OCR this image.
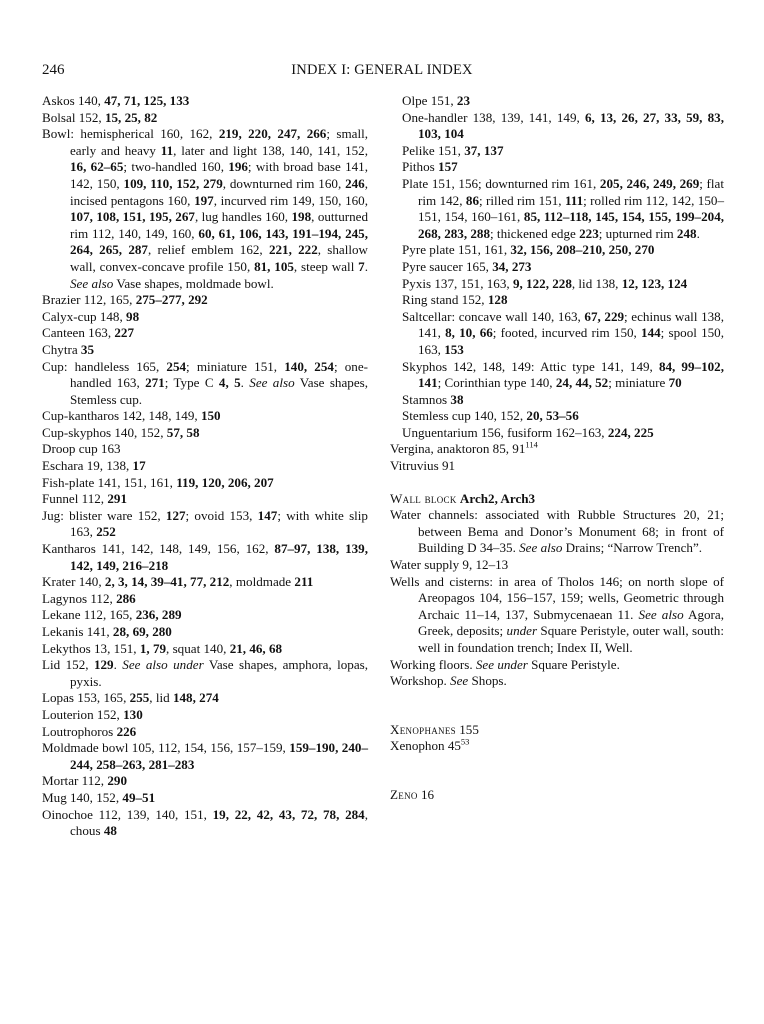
246	INDEX I: GENERAL INDEX

Askos 140, 47, 71, 125, 133

Bolsal 152, 15, 25, 82

Bowl: hemispherical 160, 162, 219, 220, 247, 266; small, early and heavy 11, later and light 138, 140, 141, 152, 16, 62–65; two-handled 160, 196; with broad base 141, 142, 150, 109, 110, 152, 279, downturned rim 160, 246, incised pentagons 160, 197, incurved rim 149, 150, 160, 107, 108, 151, 195, 267, lug handles 160, 198, outturned rim 112, 140, 149, 160, 60, 61, 106, 143, 191–194, 245, 264, 265, 287, relief emblem 162, 221, 222, shallow wall, convex-concave profile 150, 81, 105, steep wall 7. See also Vase shapes, moldmade bowl.

Brazier 112, 165, 275–277, 292

Calyx-cup 148, 98

Canteen 163, 227

Chytra 35

Cup: handleless 165, 254; miniature 151, 140, 254; one-handled 163, 271; Type C 4, 5. See also Vase shapes, Stemless cup.

Cup-kantharos 142, 148, 149, 150

Cup-skyphos 140, 152, 57, 58

Droop cup 163

Eschara 19, 138, 17

Fish-plate 141, 151, 161, 119, 120, 206, 207

Funnel 112, 291

Jug: blister ware 152, 127; ovoid 153, 147; with white slip 163, 252

Kantharos 141, 142, 148, 149, 156, 162, 87–97, 138, 139, 142, 149, 216–218

Krater 140, 2, 3, 14, 39–41, 77, 212, moldmade 211

Lagynos 112, 286

Lekane 112, 165, 236, 289

Lekanis 141, 28, 69, 280

Lekythos 13, 151, 1, 79, squat 140, 21, 46, 68

Lid 152, 129. See also under Vase shapes, amphora, lopas, pyxis.

Lopas 153, 165, 255, lid 148, 274

Louterion 152, 130

Loutrophoros 226

Moldmade bowl 105, 112, 154, 156, 157–159, 159–190, 240–244, 258–263, 281–283

Mortar 112, 290

Mug 140, 152, 49–51

Oinochoe 112, 139, 140, 151, 19, 22, 42, 43, 72, 78, 284, chous 48

Olpe 151, 23

One-handler 138, 139, 141, 149, 6, 13, 26, 27, 33, 59, 83, 103, 104

Pelike 151, 37, 137

Pithos 157

Plate 151, 156; downturned rim 161, 205, 246, 249, 269; flat rim 142, 86; rilled rim 151, 111; rolled rim 112, 142, 150–151, 154, 160–161, 85, 112–118, 145, 154, 155, 199–204, 268, 283, 288; thickened edge 223; upturned rim 248.

Pyre plate 151, 161, 32, 156, 208–210, 250, 270

Pyre saucer 165, 34, 273

Pyxis 137, 151, 163, 9, 122, 228, lid 138, 12, 123, 124

Ring stand 152, 128

Saltcellar: concave wall 140, 163, 67, 229; echinus wall 138, 141, 8, 10, 66; footed, incurved rim 150, 144; spool 150, 163, 153

Skyphos 142, 148, 149: Attic type 141, 149, 84, 99–102, 141; Corinthian type 140, 24, 44, 52; miniature 70

Stamnos 38

Stemless cup 140, 152, 20, 53–56

Unguentarium 156, fusiform 162–163, 224, 225

Vergina, anaktoron 85, $91^{114}$

Vitruvius 91

Wall block Arch2, Arch3

Water channels: associated with Rubble Structures 20, 21; between Bema and Donor’s Monument 68; in front of Building D 34–35. See also Drains; “Narrow Trench”.

Water supply 9, 12–13

Wells and cisterns: in area of Tholos 146; on north slope of Areopagos 104, 156–157, 159; wells, Geometric through Archaic 11–14, 137, Submycenaean 11. See also Agora, Greek, deposits; under Square Peristyle, outer wall, south: well in foundation trench; Index II, Well.

Working floors. See under Square Peristyle.

Workshop. See Shops.

Xenophanes 155

Xenophon $45^{53}$

Zeno 16
